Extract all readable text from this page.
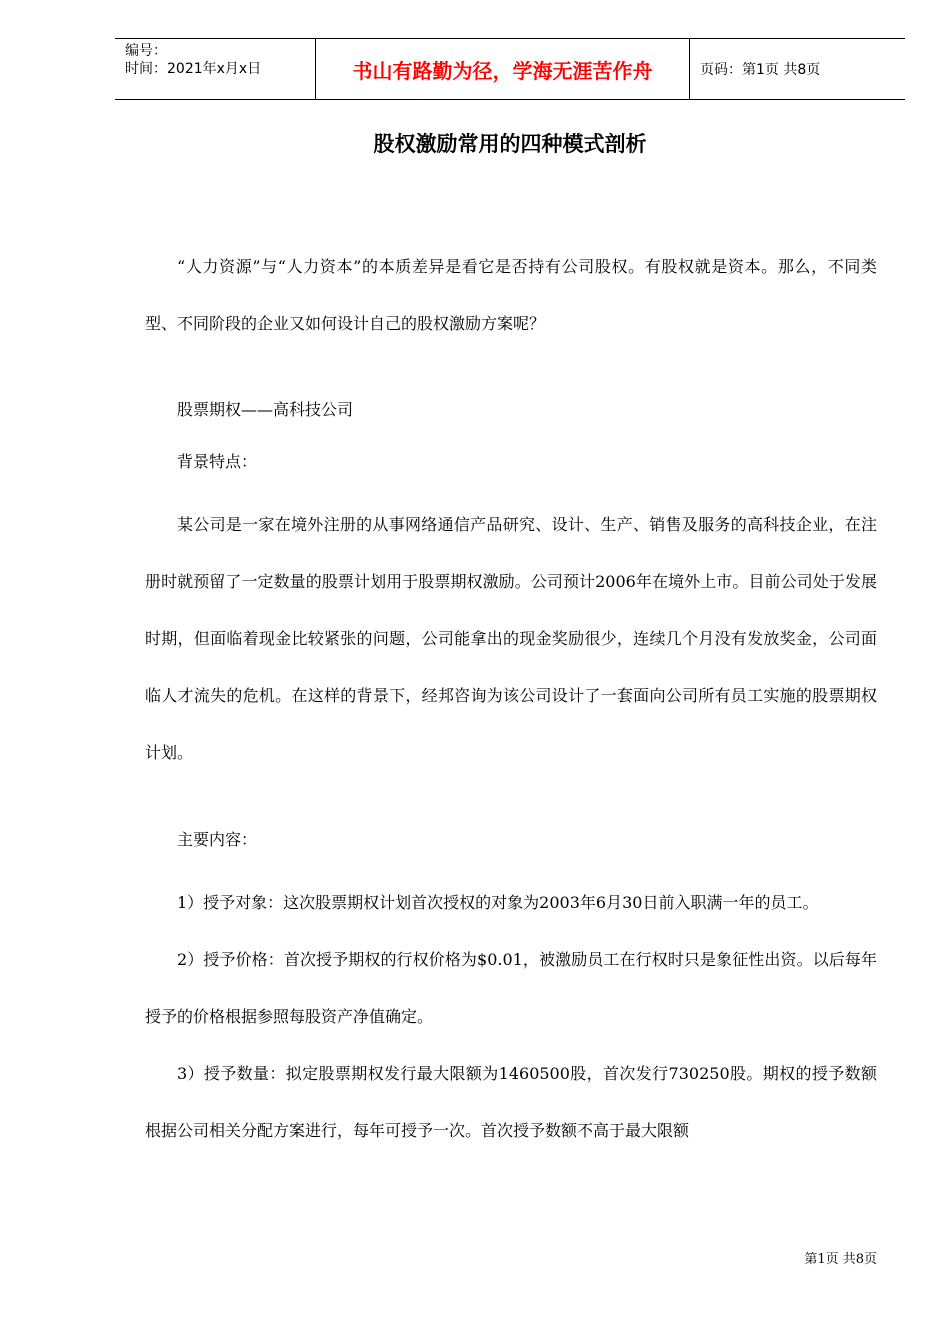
编号：
时间：2021年x月x日	书山有路勤为径，学海无涯苦作舟	页码：第1页 共8页
股权激励常用的四种模式剖析

“人力资源”与“人力资本”的本质差异是看它是否持有公司股权。有股权就是资本。那么，不同类型、不同阶段的企业又如何设计自己的股权激励方案呢？

股票期权——高科技公司

背景特点：

某公司是一家在境外注册的从事网络通信产品研究、设计、生产、销售及服务的高科技企业，在注册时就预留了一定数量的股票计划用于股票期权激励。公司预计2006年在境外上市。目前公司处于发展时期，但面临着现金比较紧张的问题，公司能拿出的现金奖励很少，连续几个月没有发放奖金，公司面临人才流失的危机。在这样的背景下，经邦咨询为该公司设计了一套面向公司所有员工实施的股票期权计划。

主要内容：

1）授予对象：这次股票期权计划首次授权的对象为2003年6月30日前入职满一年的员工。

2）授予价格：首次授予期权的行权价格为$0.01，被激励员工在行权时只是象征性出资。以后每年授予的价格根据参照每股资产净值确定。

3）授予数量：拟定股票期权发行最大限额为1460500股，首次发行730250股。期权的授予数额根据公司相关分配方案进行，每年可授予一次。首次授予数额不高于最大限额

第1页 共8页
